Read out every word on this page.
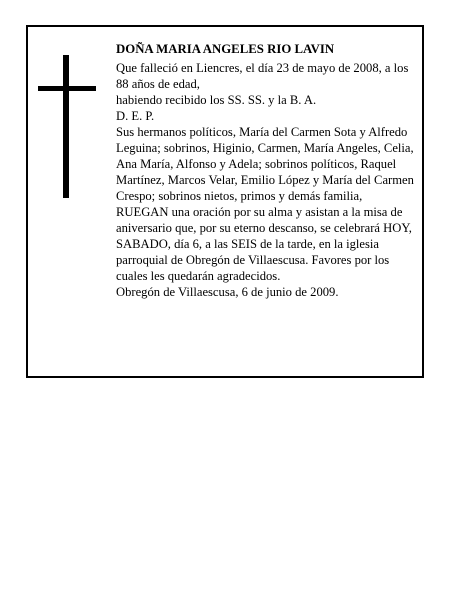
DOÑA MARIA ANGELES RIO LAVIN

Que falleció en Liencres, el día 23 de mayo de 2008, a los 88 años de edad,

habiendo recibido los SS. SS. y la B. A.

D. E. P.

Sus hermanos políticos, María del Carmen Sota y Alfredo Leguina; sobrinos, Higinio, Carmen, María Angeles, Celia, Ana María, Alfonso y Adela; sobrinos políticos, Raquel Martínez, Marcos Velar, Emilio López y María del Carmen Crespo; sobrinos nietos, primos y demás familia,

RUEGAN una oración por su alma y asistan a la misa de aniversario que, por su eterno descanso, se celebrará HOY, SABADO, día 6, a las SEIS de la tarde, en la iglesia parroquial de Obregón de Villaescusa. Favores por los cuales les quedarán agradecidos.

Obregón de Villaescusa, 6 de junio de 2009.
